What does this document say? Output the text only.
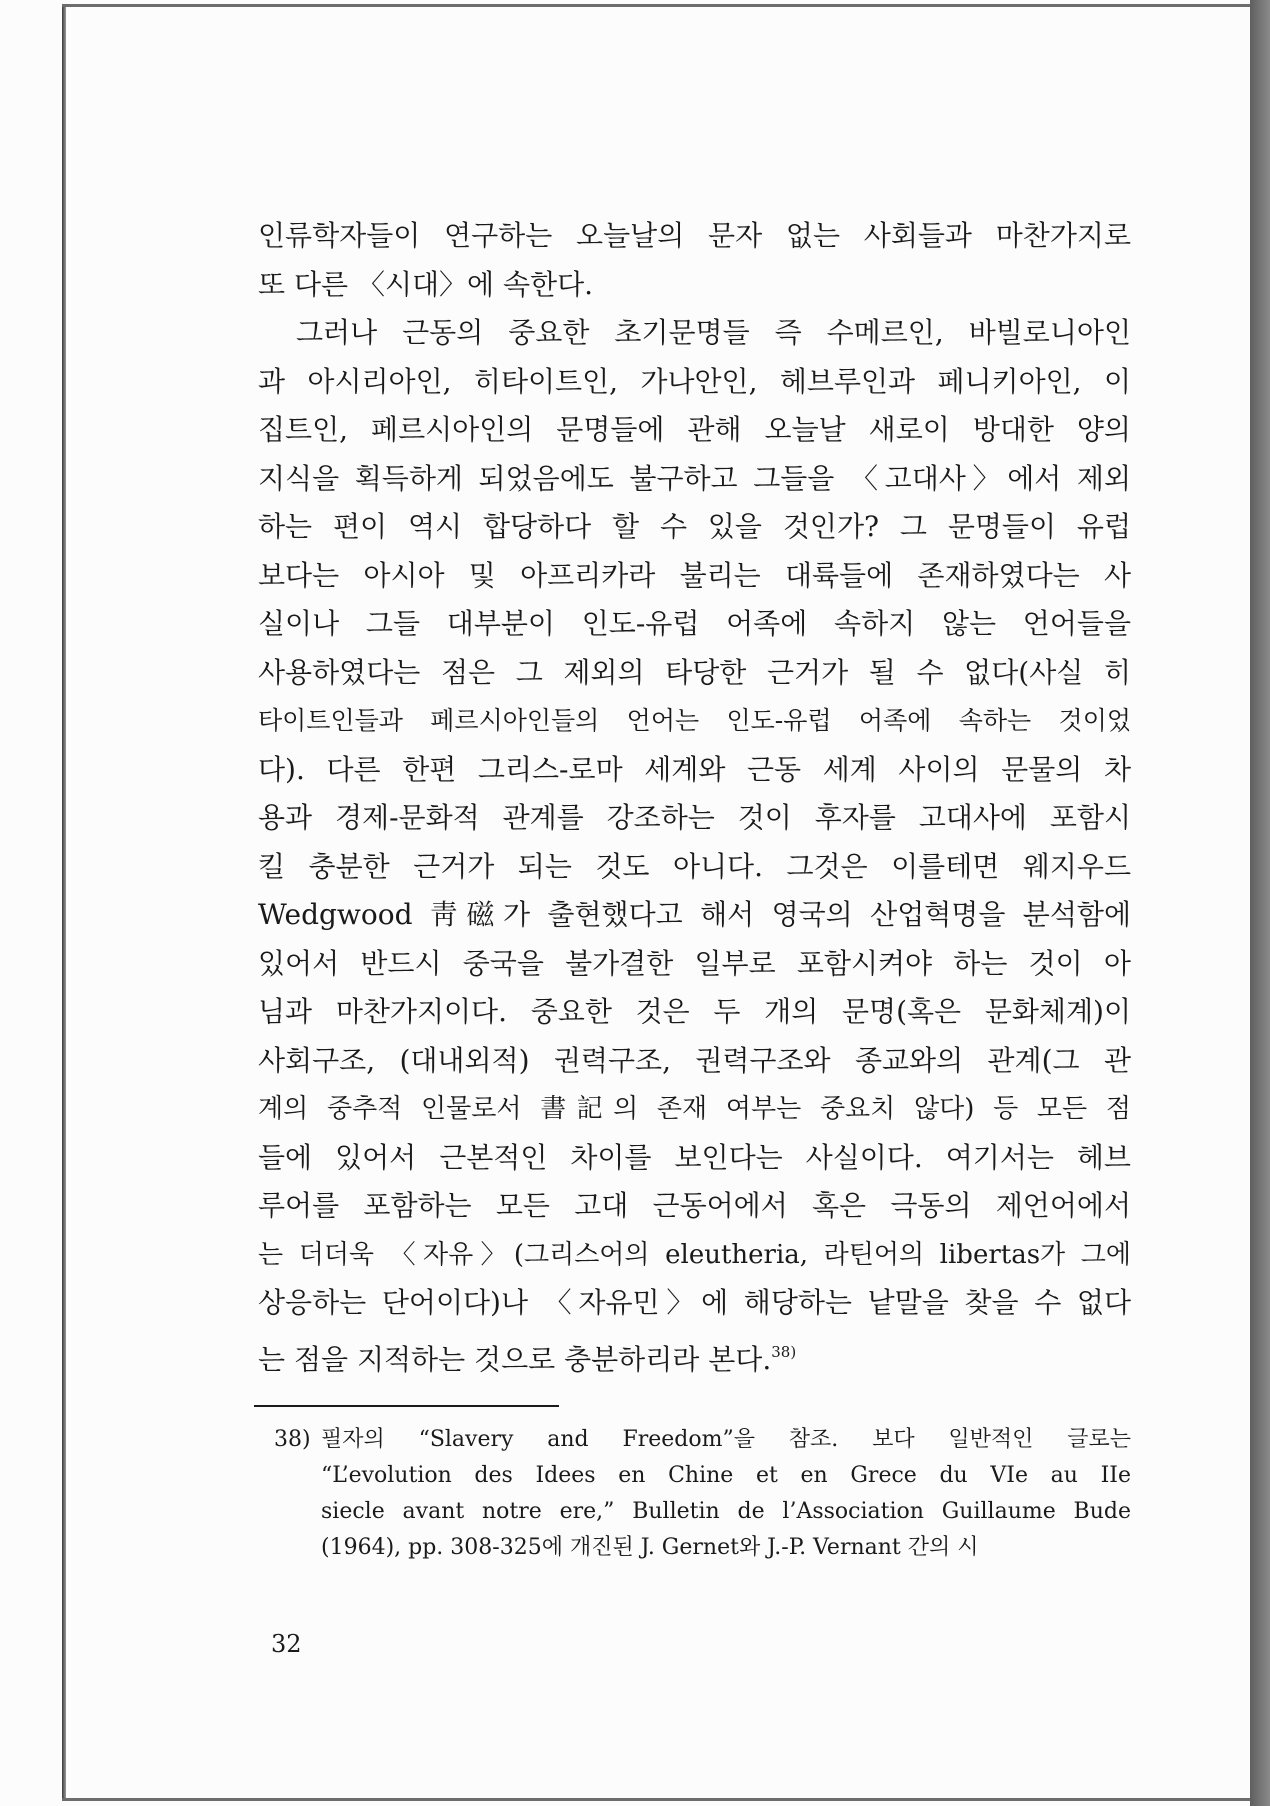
인류학자들이 연구하는 오늘날의 문자 없는 사회들과 마찬가지로
또 다른 〈시대〉에 속한다.
그러나 근동의 중요한 초기문명들 즉 수메르인, 바빌로니아인
과 아시리아인, 히타이트인, 가나안인, 헤브루인과 페니키아인, 이
집트인, 페르시아인의 문명들에 관해 오늘날 새로이 방대한 양의
지식을 획득하게 되었음에도 불구하고 그들을 〈고대사〉에서 제외
하는 편이 역시 합당하다 할 수 있을 것인가? 그 문명들이 유럽
보다는 아시아 및 아프리카라 불리는 대륙들에 존재하였다는 사
실이나 그들 대부분이 인도-유럽 어족에 속하지 않는 언어들을
사용하였다는 점은 그 제외의 타당한 근거가 될 수 없다(사실 히
타이트인들과 페르시아인들의 언어는 인도-유럽 어족에 속하는 것이었
다). 다른 한편 그리스-로마 세계와 근동 세계 사이의 문물의 차
용과 경제-문화적 관계를 강조하는 것이 후자를 고대사에 포함시
킬 충분한 근거가 되는 것도 아니다. 그것은 이를테면 웨지우드
Wedgwood 靑磁가 출현했다고 해서 영국의 산업혁명을 분석함에
있어서 반드시 중국을 불가결한 일부로 포함시켜야 하는 것이 아
님과 마찬가지이다. 중요한 것은 두 개의 문명(혹은 문화체계)이
사회구조, (대내외적) 권력구조, 권력구조와 종교와의 관계(그 관
계의 중추적 인물로서 書記의 존재 여부는 중요치 않다) 등 모든 점
들에 있어서 근본적인 차이를 보인다는 사실이다. 여기서는 헤브
루어를 포함하는 모든 고대 근동어에서 혹은 극동의 제언어에서
는 더더욱 〈자유〉(그리스어의 eleutheria, 라틴어의 libertas가 그에
상응하는 단어이다)나 〈자유민〉에 해당하는 낱말을 찾을 수 없다
는 점을 지적하는 것으로 충분하리라 본다.$^{38)}$
38) 필자의 “Slavery and Freedom”을 참조. 보다 일반적인 글로는
“L’evolution des Idees en Chine et en Grece du VIe au IIe
siecle avant notre ere,” Bulletin de l’Association Guillaume Bude
(1964), pp. 308-325에 개진된 J. Gernet와 J.-P. Vernant 간의 시
32
